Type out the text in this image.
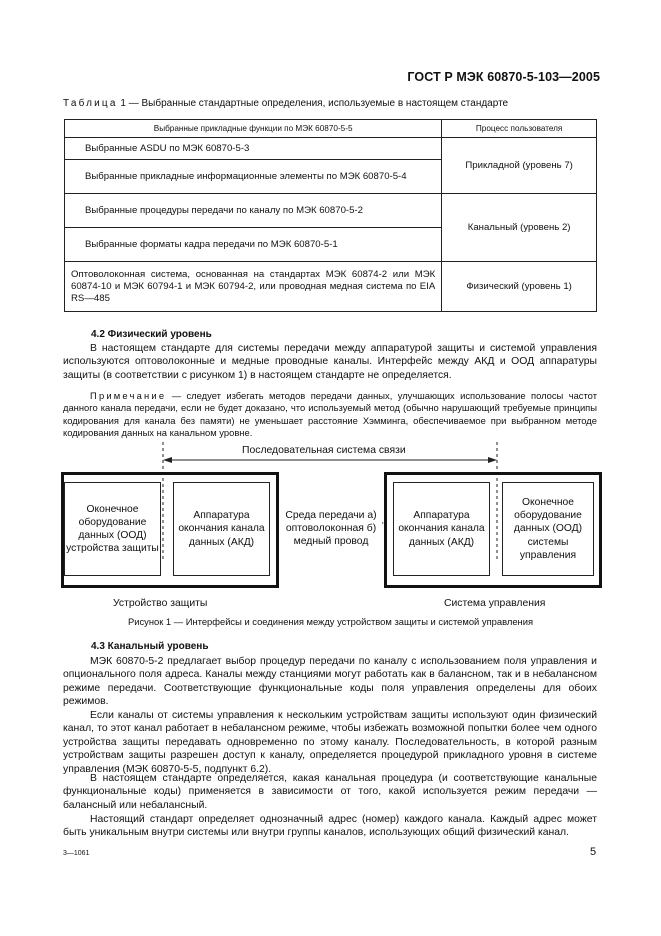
ГОСТ Р МЭК 60870-5-103—2005
Таблица 1 — Выбранные стандартные определения, используемые в настоящем стандарте
Выбранные прикладные функции по МЭК 60870-5-5	Процесс пользователя
Выбранные ASDU по МЭК 60870-5-3	Прикладной (уровень 7)
Выбранные прикладные информационные элементы по МЭК 60870-5-4	
Выбранные процедуры передачи по каналу по МЭК 60870-5-2	Канальный (уровень 2)
Выбранные форматы кадра передачи по МЭК 60870-5-1	
Оптоволоконная система, основанная на стандартах МЭК 60874-2 или МЭК 60874-10 и МЭК 60794-1 и МЭК 60794-2, или проводная медная система по EIA RS—485	Физический (уровень 1)
4.2 Физический уровень
В настоящем стандарте для системы передачи между аппаратурой защиты и системой управления используются оптоволоконные и медные проводные каналы. Интерфейс между АКД и ООД аппаратуры защиты (в соответствии с рисунком 1) в настоящем стандарте не определяется.
Примечание — следует избегать методов передачи данных, улучшающих использование полосы частот данного канала передачи, если не будет доказано, что используемый метод (обычно нарушающий требуемые принципы кодирования для канала без памяти) не уменьшает расстояние Хэмминга, обеспечиваемое при выбранном методе кодирования данных на канальном уровне.
Последовательная система связи
Оконечное оборудование данных (ООД) устройства защиты
Аппаратура окончания канала данных (АКД)
Аппаратура окончания канала данных (АКД)
Оконечное оборудование данных (ООД) системы управления
Среда передачи а) оптоволоконная б) медный провод
Устройство защиты	Система управления
Рисунок 1 — Интерфейсы и соединения между устройством защиты и системой управления
4.3 Канальный уровень
МЭК 60870-5-2 предлагает выбор процедур передачи по каналу с использованием поля управления и опционального поля адреса. Каналы между станциями могут работать как в балансном, так и в небалансном режиме передачи. Соответствующие функциональные коды поля управления определены для обоих режимов.
Если каналы от системы управления к нескольким устройствам защиты используют один физический канал, то этот канал работает в небалансном режиме, чтобы избежать возможной попытки более чем одного устройства защиты передавать одновременно по этому каналу. Последовательность, в которой разным устройствам защиты разрешен доступ к каналу, определяется процедурой прикладного уровня в системе управления (МЭК 60870-5-5, подпункт 6.2).
В настоящем стандарте определяется, какая канальная процедура (и соответствующие канальные функциональные коды) применяется в зависимости от того, какой используется режим передачи — балансный или небалансный.
Настоящий стандарт определяет однозначный адрес (номер) каждого канала. Каждый адрес может быть уникальным внутри системы или внутри группы каналов, использующих общий физический канал.
3—1061	5
